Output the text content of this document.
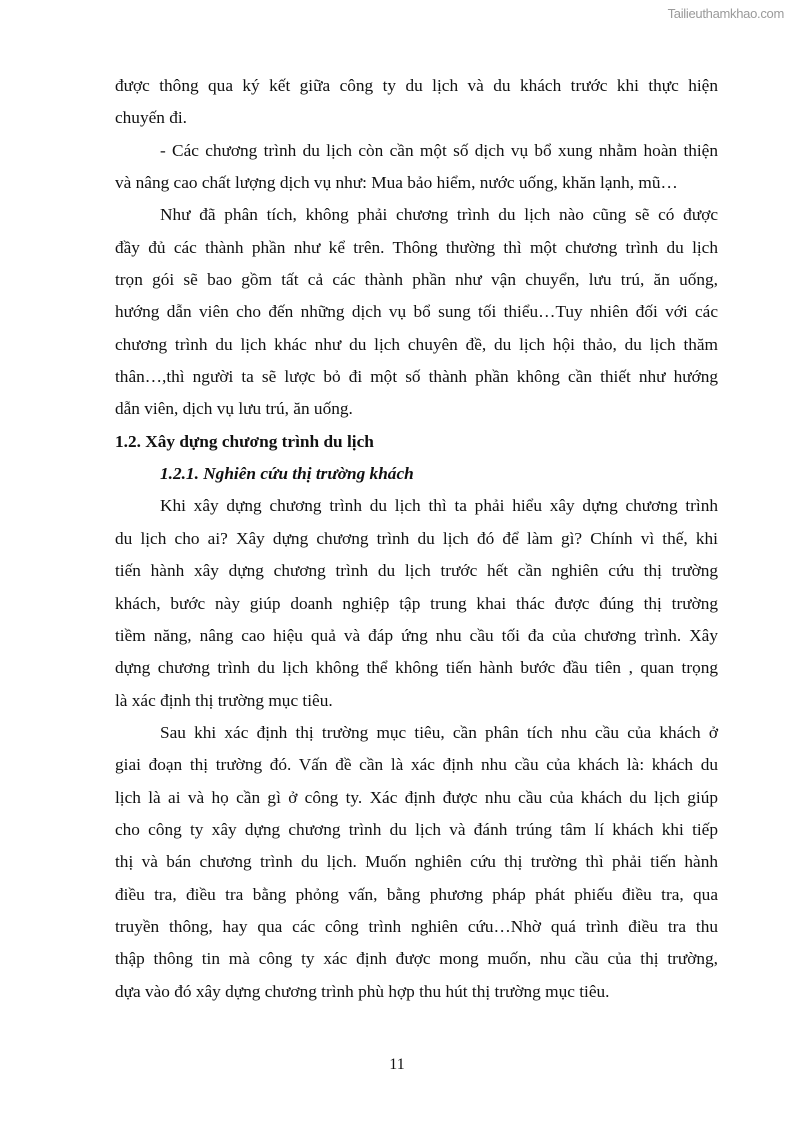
Tailieuthamkhao.com
được thông qua ký kết giữa công ty du lịch và du khách trước khi thực hiện
chuyến đi.
- Các chương trình du lịch còn cần một số dịch vụ bổ xung nhằm hoàn thiện
và nâng cao chất lượng dịch vụ như: Mua bảo hiểm, nước uống, khăn lạnh, mũ…
Như đã phân tích, không phải chương trình du lịch nào cũng sẽ có được
đầy đủ các thành phần như kể trên. Thông thường thì một chương trình du lịch
trọn gói sẽ bao gồm tất cả các thành phần như vận chuyển, lưu trú, ăn uống,
hướng dẫn viên cho đến những dịch vụ bổ sung tối thiểu…Tuy nhiên đối với các
chương trình du lịch khác như du lịch chuyên đề, du lịch hội thảo, du lịch thăm
thân…,thì người ta sẽ lược bỏ đi một số thành phần không cần thiết như hướng
dẫn viên, dịch vụ lưu trú, ăn uống.
1.2. Xây dựng chương trình du lịch
1.2.1. Nghiên cứu thị trường khách
Khi xây dựng chương trình du lịch thì ta phải hiểu xây dựng chương trình
du lịch cho ai? Xây dựng chương trình du lịch đó để làm gì? Chính vì thế, khi
tiến hành xây dựng chương trình du lịch trước hết cần nghiên cứu thị trường
khách, bước này giúp doanh nghiệp tập trung khai thác được đúng thị trường
tiềm năng, nâng cao hiệu quả và đáp ứng nhu cầu tối đa của chương trình. Xây
dựng chương trình du lịch không thể không tiến hành bước đầu tiên , quan trọng
là xác định thị trường mục tiêu.
Sau khi xác định thị trường mục tiêu, cần phân tích nhu cầu của khách ở
giai đoạn thị trường đó. Vấn đề cần là xác định nhu cầu của khách là: khách du
lịch là ai và họ cần gì ở công ty. Xác định được nhu cầu của khách du lịch giúp
cho công ty xây dựng chương trình du lịch và đánh trúng tâm lí khách khi tiếp
thị và bán chương trình du lịch. Muốn nghiên cứu thị trường thì phải tiến hành
điều tra, điều tra bằng phỏng vấn, bằng phương pháp phát phiếu điều tra, qua
truyền thông, hay qua các công trình nghiên cứu…Nhờ quá trình điều tra thu
thập thông tin mà công ty xác định được mong muốn, nhu cầu của thị trường,
dựa vào đó xây dựng chương trình phù hợp thu hút thị trường mục tiêu.
11
